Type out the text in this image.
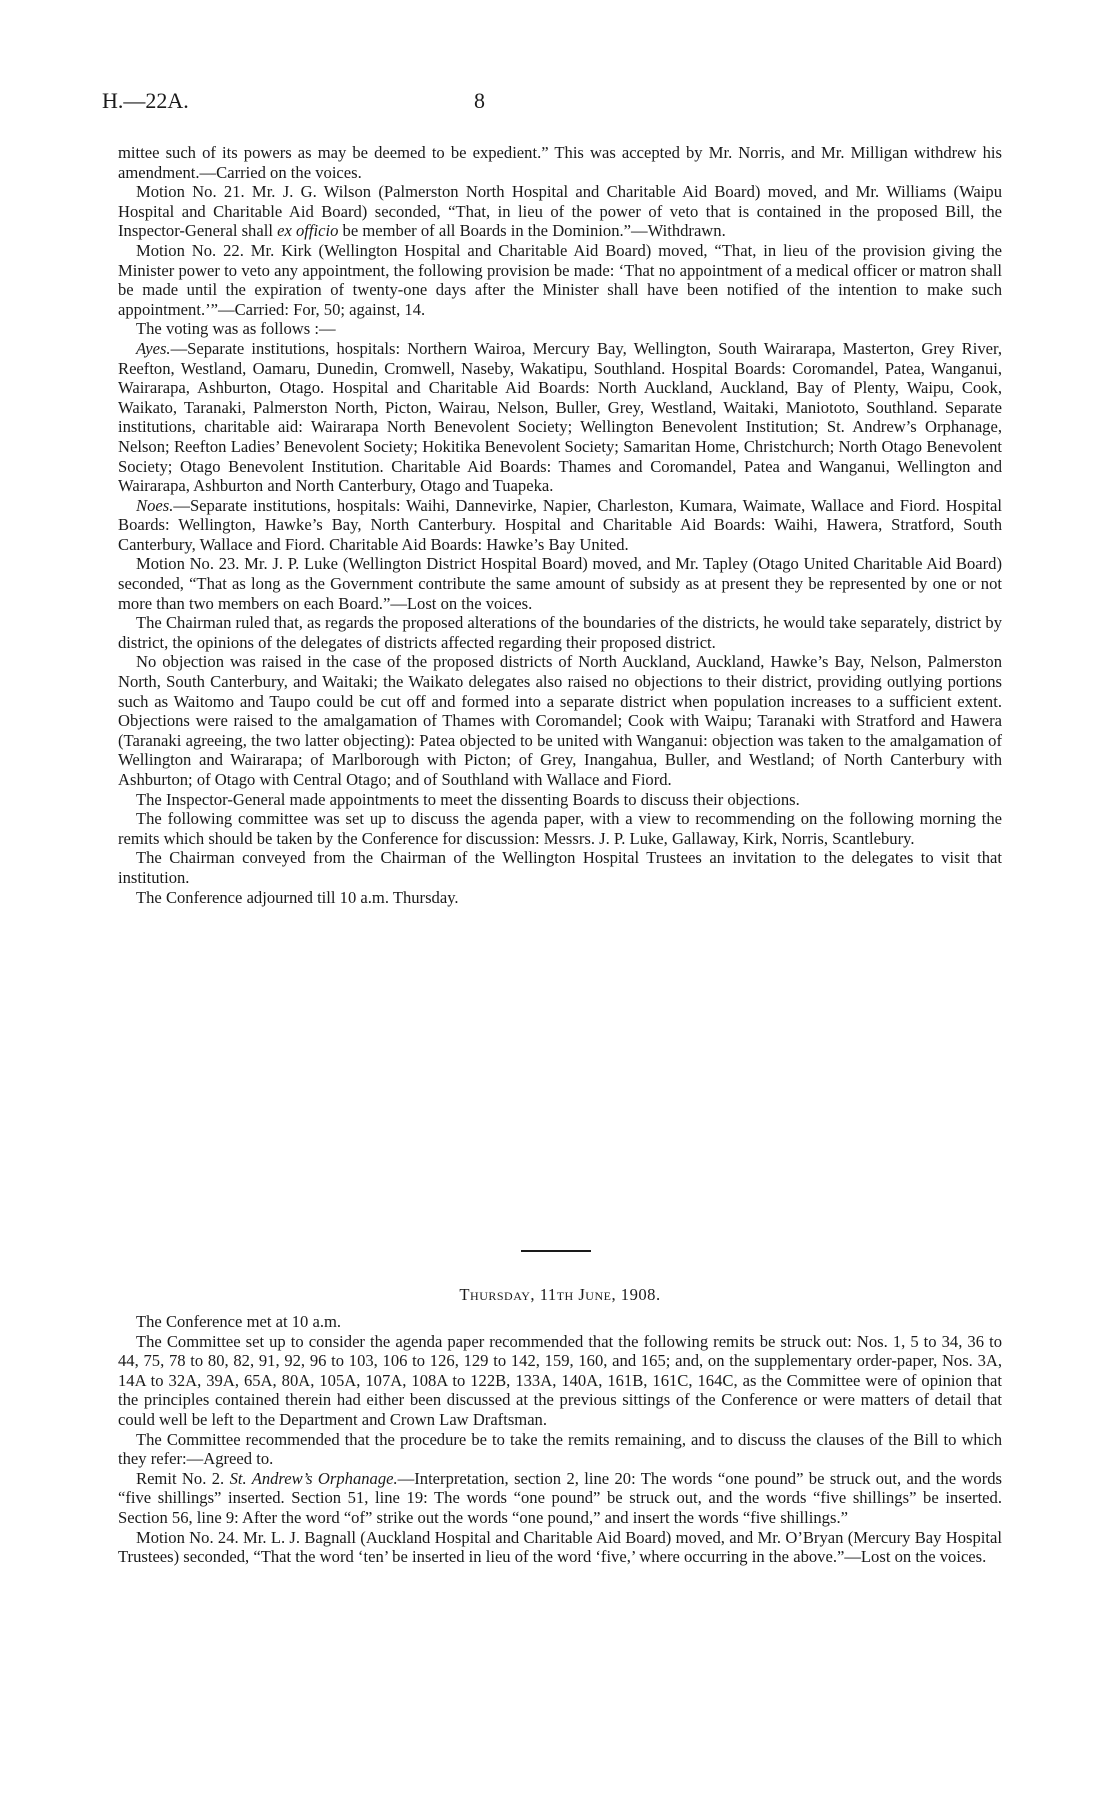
H.—22A.	8

mittee such of its powers as may be deemed to be expedient.” This was accepted by Mr. Norris, and Mr. Milligan withdrew his amendment.—Carried on the voices.

Motion No. 21. Mr. J. G. Wilson (Palmerston North Hospital and Charitable Aid Board) moved, and Mr. Williams (Waipu Hospital and Charitable Aid Board) seconded, “That, in lieu of the power of veto that is contained in the proposed Bill, the Inspector-General shall ex officio be member of all Boards in the Dominion.”—Withdrawn.

Motion No. 22. Mr. Kirk (Wellington Hospital and Charitable Aid Board) moved, “That, in lieu of the provision giving the Minister power to veto any appointment, the following provision be made: ‘That no appointment of a medical officer or matron shall be made until the expiration of twenty-one days after the Minister shall have been notified of the intention to make such appointment.’”—Carried: For, 50; against, 14.

The voting was as follows :—

Ayes.—Separate institutions, hospitals: Northern Wairoa, Mercury Bay, Wellington, South Wairarapa, Masterton, Grey River, Reefton, Westland, Oamaru, Dunedin, Cromwell, Naseby, Wakatipu, Southland. Hospital Boards: Coromandel, Patea, Wanganui, Wairarapa, Ashburton, Otago. Hospital and Charitable Aid Boards: North Auckland, Auckland, Bay of Plenty, Waipu, Cook, Waikato, Taranaki, Palmerston North, Picton, Wairau, Nelson, Buller, Grey, Westland, Waitaki, Maniototo, Southland. Separate institutions, charitable aid: Wairarapa North Benevolent Society; Wellington Benevolent Institution; St. Andrew’s Orphanage, Nelson; Reefton Ladies’ Benevolent Society; Hokitika Benevolent Society; Samaritan Home, Christchurch; North Otago Benevolent Society; Otago Benevolent Institution. Charitable Aid Boards: Thames and Coromandel, Patea and Wanganui, Wellington and Wairarapa, Ashburton and North Canterbury, Otago and Tuapeka.

Noes.—Separate institutions, hospitals: Waihi, Dannevirke, Napier, Charleston, Kumara, Waimate, Wallace and Fiord. Hospital Boards: Wellington, Hawke’s Bay, North Canterbury. Hospital and Charitable Aid Boards: Waihi, Hawera, Stratford, South Canterbury, Wallace and Fiord. Charitable Aid Boards: Hawke’s Bay United.

Motion No. 23. Mr. J. P. Luke (Wellington District Hospital Board) moved, and Mr. Tapley (Otago United Charitable Aid Board) seconded, “That as long as the Government contribute the same amount of subsidy as at present they be represented by one or not more than two members on each Board.”—Lost on the voices.

The Chairman ruled that, as regards the proposed alterations of the boundaries of the districts, he would take separately, district by district, the opinions of the delegates of districts affected regarding their proposed district.

No objection was raised in the case of the proposed districts of North Auckland, Auckland, Hawke’s Bay, Nelson, Palmerston North, South Canterbury, and Waitaki; the Waikato delegates also raised no objections to their district, providing outlying portions such as Waitomo and Taupo could be cut off and formed into a separate district when population increases to a sufficient extent. Objections were raised to the amalgamation of Thames with Coromandel; Cook with Waipu; Taranaki with Stratford and Hawera (Taranaki agreeing, the two latter objecting): Patea objected to be united with Wanganui: objection was taken to the amalgamation of Wellington and Wairarapa; of Marlborough with Picton; of Grey, Inangahua, Buller, and Westland; of North Canterbury with Ashburton; of Otago with Central Otago; and of Southland with Wallace and Fiord.

The Inspector-General made appointments to meet the dissenting Boards to discuss their objections.

The following committee was set up to discuss the agenda paper, with a view to recommending on the following morning the remits which should be taken by the Conference for discussion: Messrs. J. P. Luke, Gallaway, Kirk, Norris, Scantlebury.

The Chairman conveyed from the Chairman of the Wellington Hospital Trustees an invitation to the delegates to visit that institution.

The Conference adjourned till 10 a.m. Thursday.

Thursday, 11th June, 1908.

The Conference met at 10 a.m.

The Committee set up to consider the agenda paper recommended that the following remits be struck out: Nos. 1, 5 to 34, 36 to 44, 75, 78 to 80, 82, 91, 92, 96 to 103, 106 to 126, 129 to 142, 159, 160, and 165; and, on the supplementary order-paper, Nos. 3A, 14A to 32A, 39A, 65A, 80A, 105A, 107A, 108A to 122B, 133A, 140A, 161B, 161C, 164C, as the Committee were of opinion that the principles contained therein had either been discussed at the previous sittings of the Conference or were matters of detail that could well be left to the Department and Crown Law Draftsman.

The Committee recommended that the procedure be to take the remits remaining, and to discuss the clauses of the Bill to which they refer:—Agreed to.

Remit No. 2. St. Andrew’s Orphanage.—Interpretation, section 2, line 20: The words “one pound” be struck out, and the words “five shillings” inserted. Section 51, line 19: The words “one pound” be struck out, and the words “five shillings” be inserted. Section 56, line 9: After the word “of” strike out the words “one pound,” and insert the words “five shillings.”

Motion No. 24. Mr. L. J. Bagnall (Auckland Hospital and Charitable Aid Board) moved, and Mr. O’Bryan (Mercury Bay Hospital Trustees) seconded, “That the word ‘ten’ be inserted in lieu of the word ‘five,’ where occurring in the above.”—Lost on the voices.
